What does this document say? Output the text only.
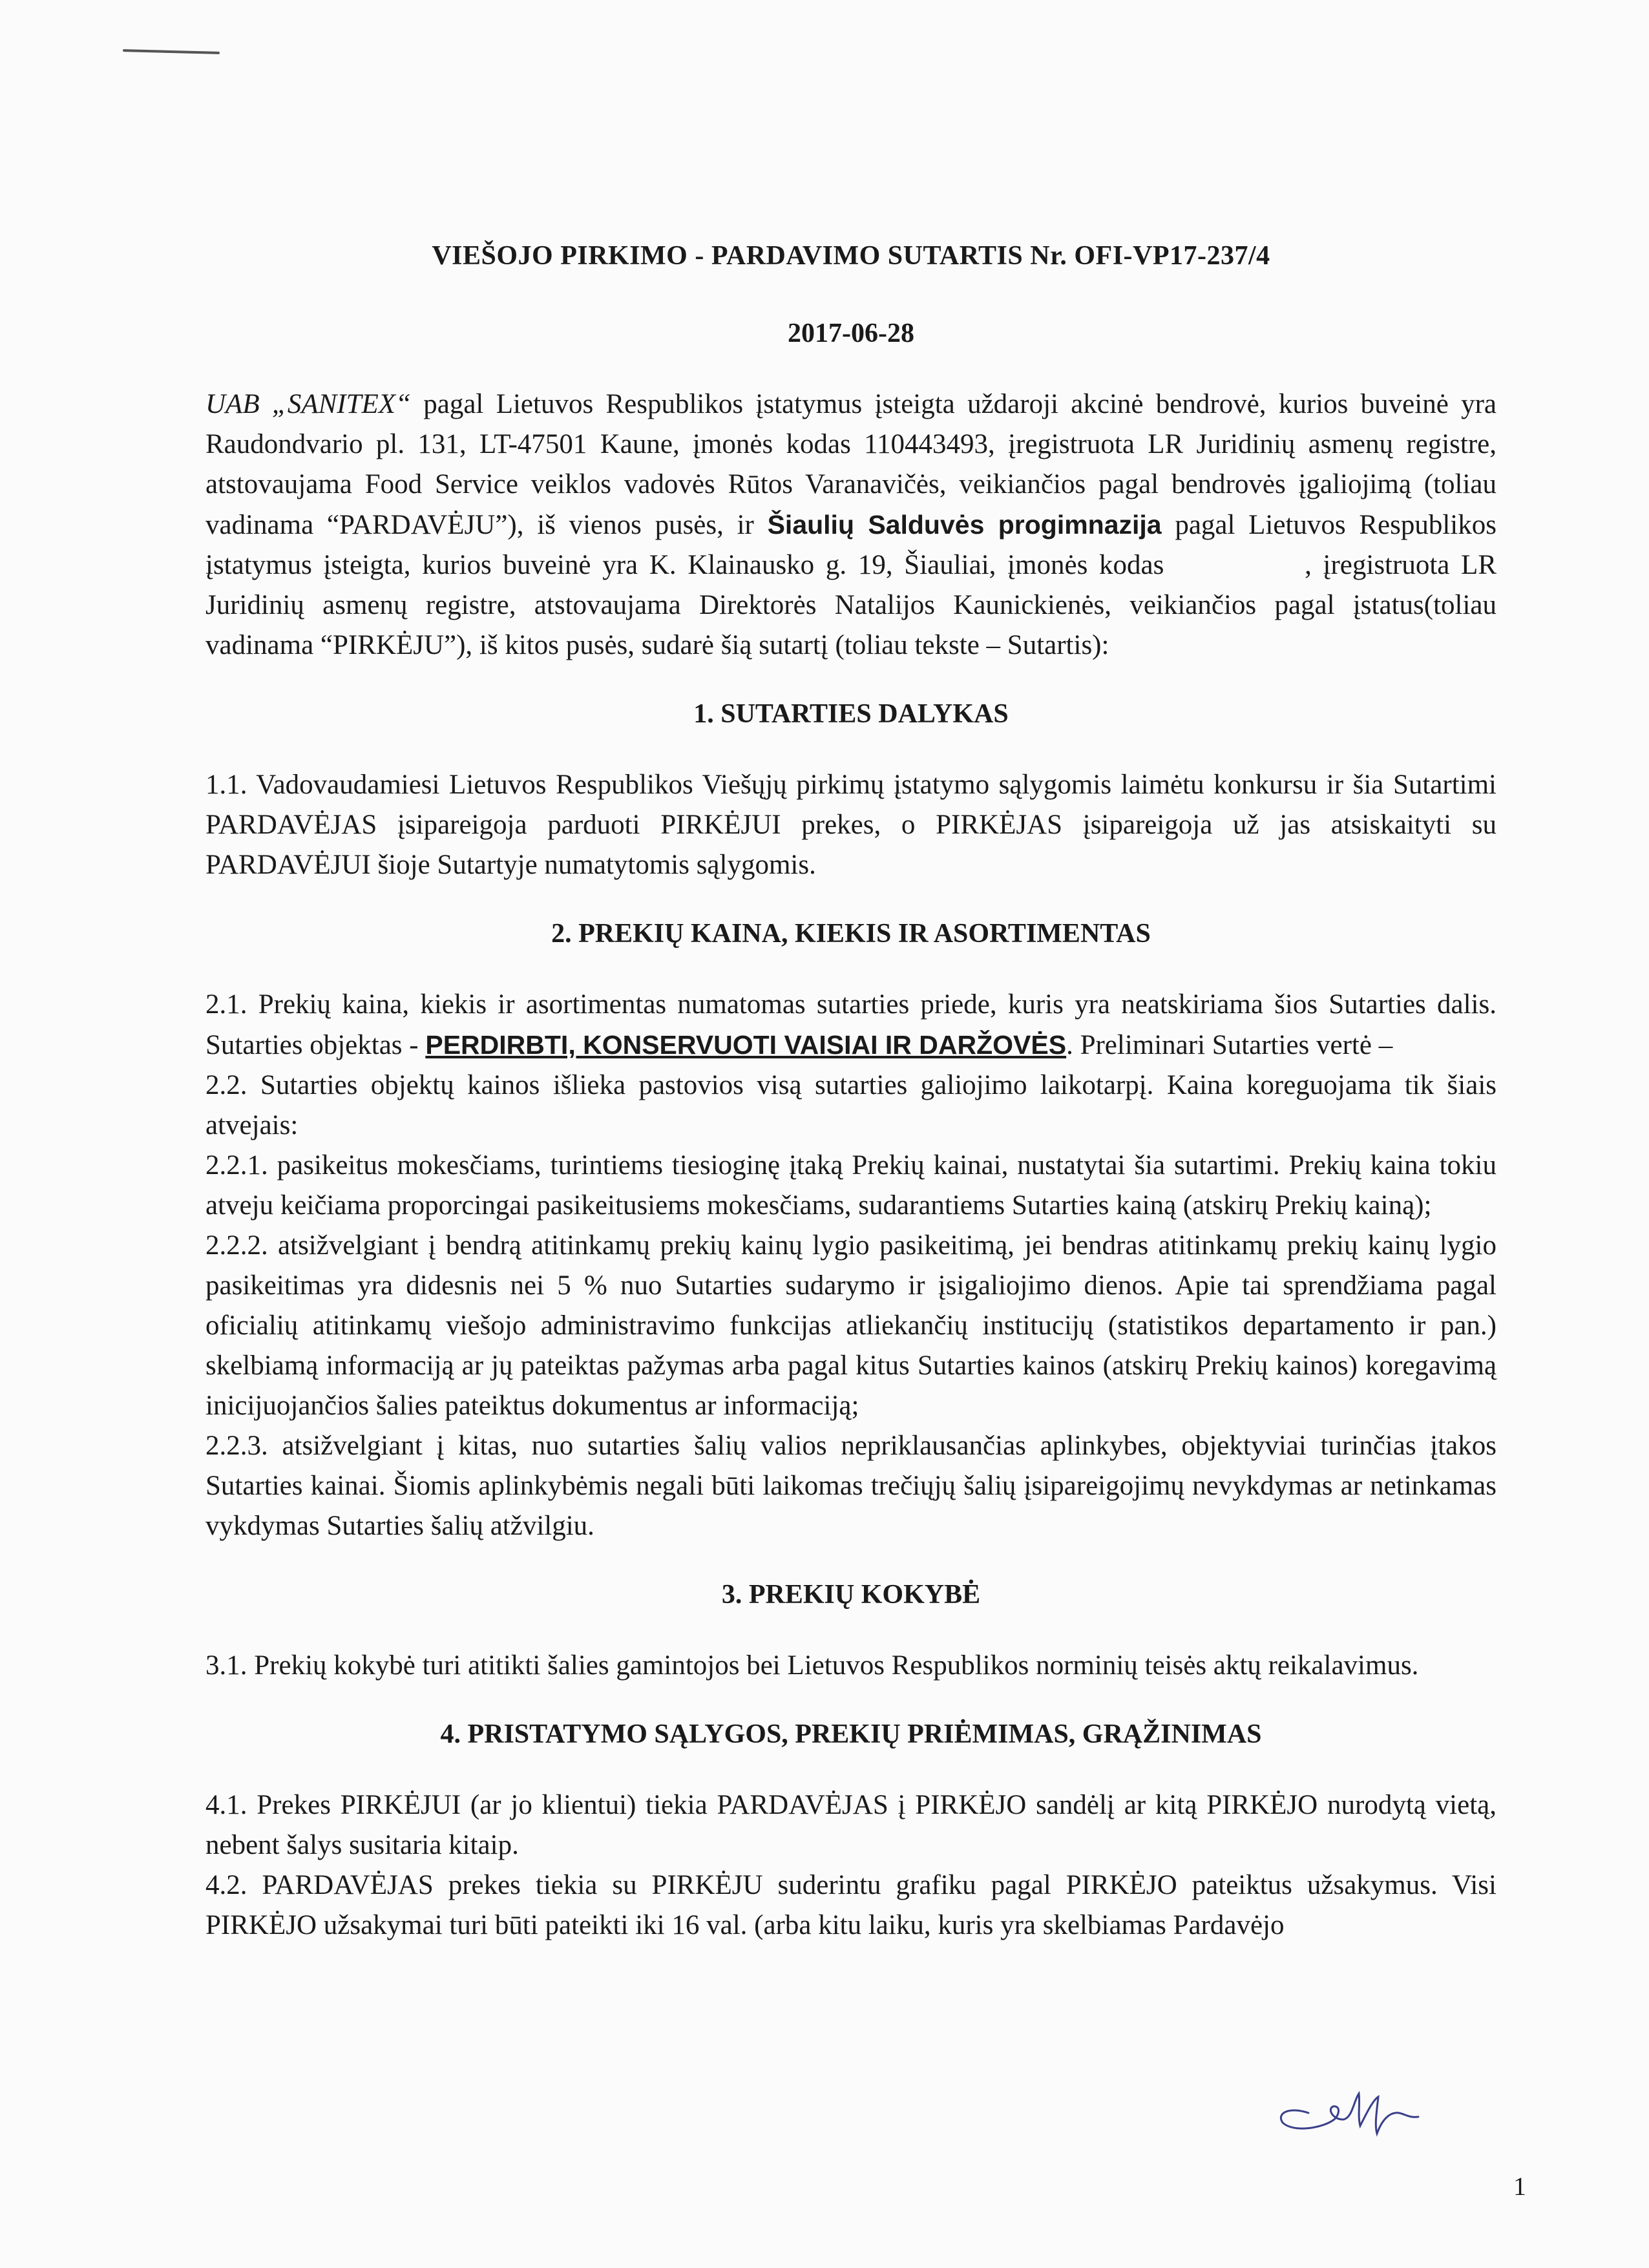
VIEŠOJO PIRKIMO - PARDAVIMO SUTARTIS Nr. OFI-VP17-237/4
2017-06-28

UAB „SANITEX“ pagal Lietuvos Respublikos įstatymus įsteigta uždaroji akcinė bendrovė, kurios buveinė yra Raudondvario pl. 131, LT-47501 Kaune, įmonės kodas 110443493, įregistruota LR Juridinių asmenų registre, atstovaujama Food Service veiklos vadovės Rūtos Varanavičės, veikiančios pagal bendrovės įgaliojimą (toliau vadinama “PARDAVĖJU”), iš vienos pusės, ir Šiaulių Salduvės progimnazija pagal Lietuvos Respublikos įstatymus įsteigta, kurios buveinė yra K. Klainausko g. 19, Šiauliai, įmonės kodas	, įregistruota LR Juridinių asmenų registre, atstovaujama Direktorės Natalijos Kaunickienės, veikiančios pagal įstatus(toliau vadinama “PIRKĖJU”), iš kitos pusės, sudarė šią sutartį (toliau tekste – Sutartis):

1. SUTARTIES DALYKAS

1.1. Vadovaudamiesi Lietuvos Respublikos Viešųjų pirkimų įstatymo sąlygomis laimėtu konkursu ir šia Sutartimi PARDAVĖJAS įsipareigoja parduoti PIRKĖJUI prekes, o PIRKĖJAS įsipareigoja už jas atsiskaityti su PARDAVĖJUI šioje Sutartyje numatytomis sąlygomis.

2. PREKIŲ KAINA, KIEKIS IR ASORTIMENTAS

2.1. Prekių kaina, kiekis ir asortimentas numatomas sutarties priede, kuris yra neatskiriama šios Sutarties dalis. Sutarties objektas - PERDIRBTI, KONSERVUOTI VAISIAI IR DARŽOVĖS. Preliminari Sutarties vertė –

2.2. Sutarties objektų kainos išlieka pastovios visą sutarties galiojimo laikotarpį. Kaina koreguojama tik šiais atvejais:

2.2.1. pasikeitus mokesčiams, turintiems tiesioginę įtaką Prekių kainai, nustatytai šia sutartimi. Prekių kaina tokiu atveju keičiama proporcingai pasikeitusiems mokesčiams, sudarantiems Sutarties kainą (atskirų Prekių kainą);

2.2.2. atsižvelgiant į bendrą atitinkamų prekių kainų lygio pasikeitimą, jei bendras atitinkamų prekių kainų lygio pasikeitimas yra didesnis nei 5 % nuo Sutarties sudarymo ir įsigaliojimo dienos. Apie tai sprendžiama pagal oficialių atitinkamų viešojo administravimo funkcijas atliekančių institucijų (statistikos departamento ir pan.) skelbiamą informaciją ar jų pateiktas pažymas arba pagal kitus Sutarties kainos (atskirų Prekių kainos) koregavimą inicijuojančios šalies pateiktus dokumentus ar informaciją;

2.2.3. atsižvelgiant į kitas, nuo sutarties šalių valios nepriklausančias aplinkybes, objektyviai turinčias įtakos Sutarties kainai. Šiomis aplinkybėmis negali būti laikomas trečiųjų šalių įsipareigojimų nevykdymas ar netinkamas vykdymas Sutarties šalių atžvilgiu.

3. PREKIŲ KOKYBĖ

3.1. Prekių kokybė turi atitikti šalies gamintojos bei Lietuvos Respublikos norminių teisės aktų reikalavimus.

4. PRISTATYMO SĄLYGOS, PREKIŲ PRIĖMIMAS, GRĄŽINIMAS

4.1. Prekes PIRKĖJUI (ar jo klientui) tiekia PARDAVĖJAS į PIRKĖJO sandėlį ar kitą PIRKĖJO nurodytą vietą, nebent šalys susitaria kitaip.

4.2. PARDAVĖJAS prekes tiekia su PIRKĖJU suderintu grafiku pagal PIRKĖJO pateiktus užsakymus. Visi PIRKĖJO užsakymai turi būti pateikti iki 16 val. (arba kitu laiku, kuris yra skelbiamas Pardavėjo

1
